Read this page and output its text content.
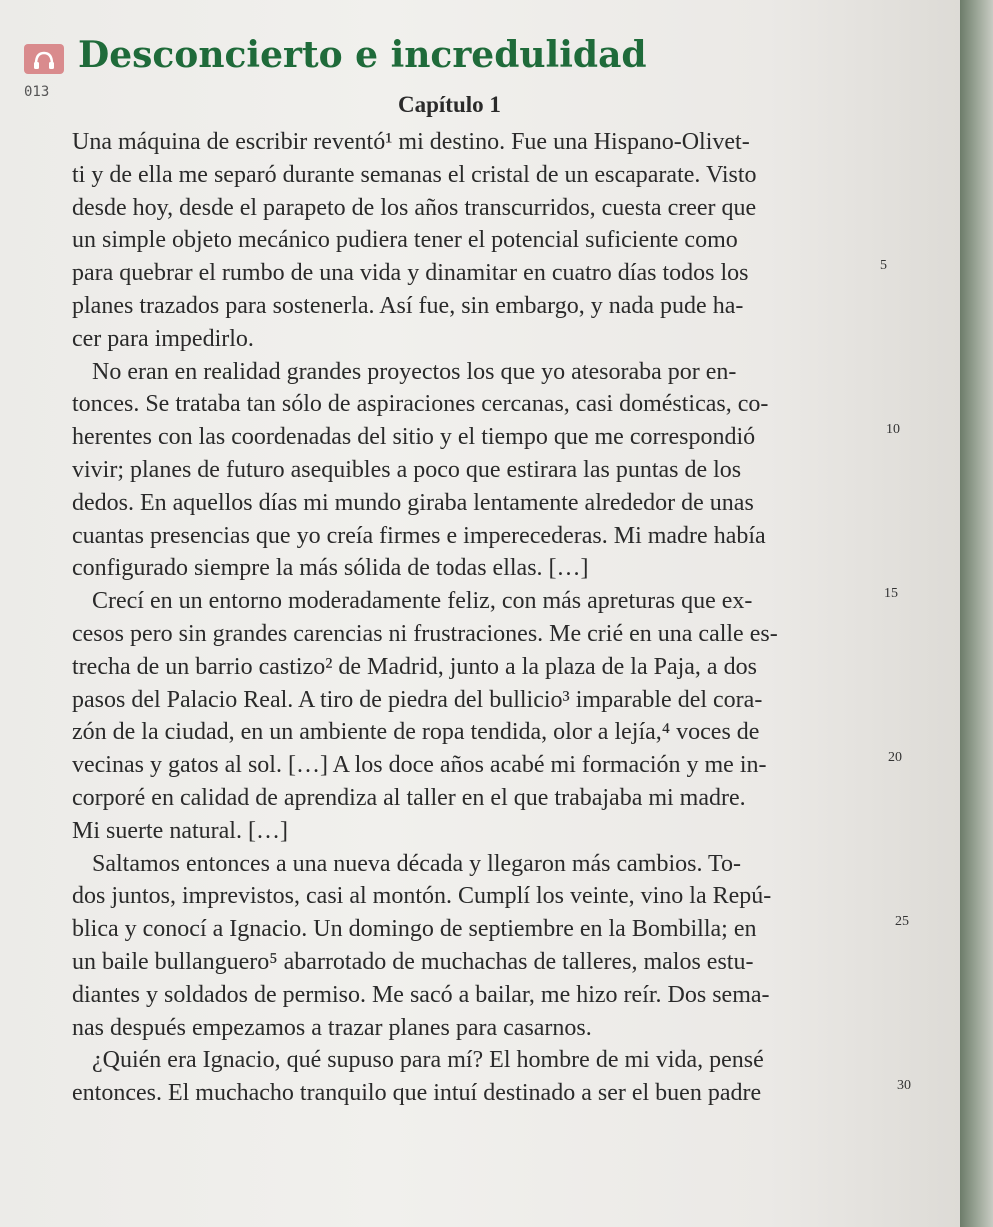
013
Desconcierto e incredulidad
Capítulo 1
Una máquina de escribir reventó¹ mi destino. Fue una Hispano-Olivet-
ti y de ella me separó durante semanas el cristal de un escaparate. Visto
desde hoy, desde el parapeto de los años transcurridos, cuesta creer que
un simple objeto mecánico pudiera tener el potencial suficiente como
para quebrar el rumbo de una vida y dinamitar en cuatro días todos los
planes trazados para sostenerla. Así fue, sin embargo, y nada pude ha-
cer para impedirlo.
No eran en realidad grandes proyectos los que yo atesoraba por en-
tonces. Se trataba tan sólo de aspiraciones cercanas, casi domésticas, co-
herentes con las coordenadas del sitio y el tiempo que me correspondió
vivir; planes de futuro asequibles a poco que estirara las puntas de los
dedos. En aquellos días mi mundo giraba lentamente alrededor de unas
cuantas presencias que yo creía firmes e imperecederas. Mi madre había
configurado siempre la más sólida de todas ellas. […]
Crecí en un entorno moderadamente feliz, con más apreturas que ex-
cesos pero sin grandes carencias ni frustraciones. Me crié en una calle es-
trecha de un barrio castizo² de Madrid, junto a la plaza de la Paja, a dos
pasos del Palacio Real. A tiro de piedra del bullicio³ imparable del cora-
zón de la ciudad, en un ambiente de ropa tendida, olor a lejía,⁴ voces de
vecinas y gatos al sol. […] A los doce años acabé mi formación y me in-
corporé en calidad de aprendiza al taller en el que trabajaba mi madre.
Mi suerte natural. […]
Saltamos entonces a una nueva década y llegaron más cambios. To-
dos juntos, imprevistos, casi al montón. Cumplí los veinte, vino la Repú-
blica y conocí a Ignacio. Un domingo de septiembre en la Bombilla; en
un baile bullanguero⁵ abarrotado de muchachas de talleres, malos estu-
diantes y soldados de permiso. Me sacó a bailar, me hizo reír. Dos sema-
nas después empezamos a trazar planes para casarnos.
¿Quién era Ignacio, qué supuso para mí? El hombre de mi vida, pensé
entonces. El muchacho tranquilo que intuí destinado a ser el buen padre
5
10
15
20
25
30
